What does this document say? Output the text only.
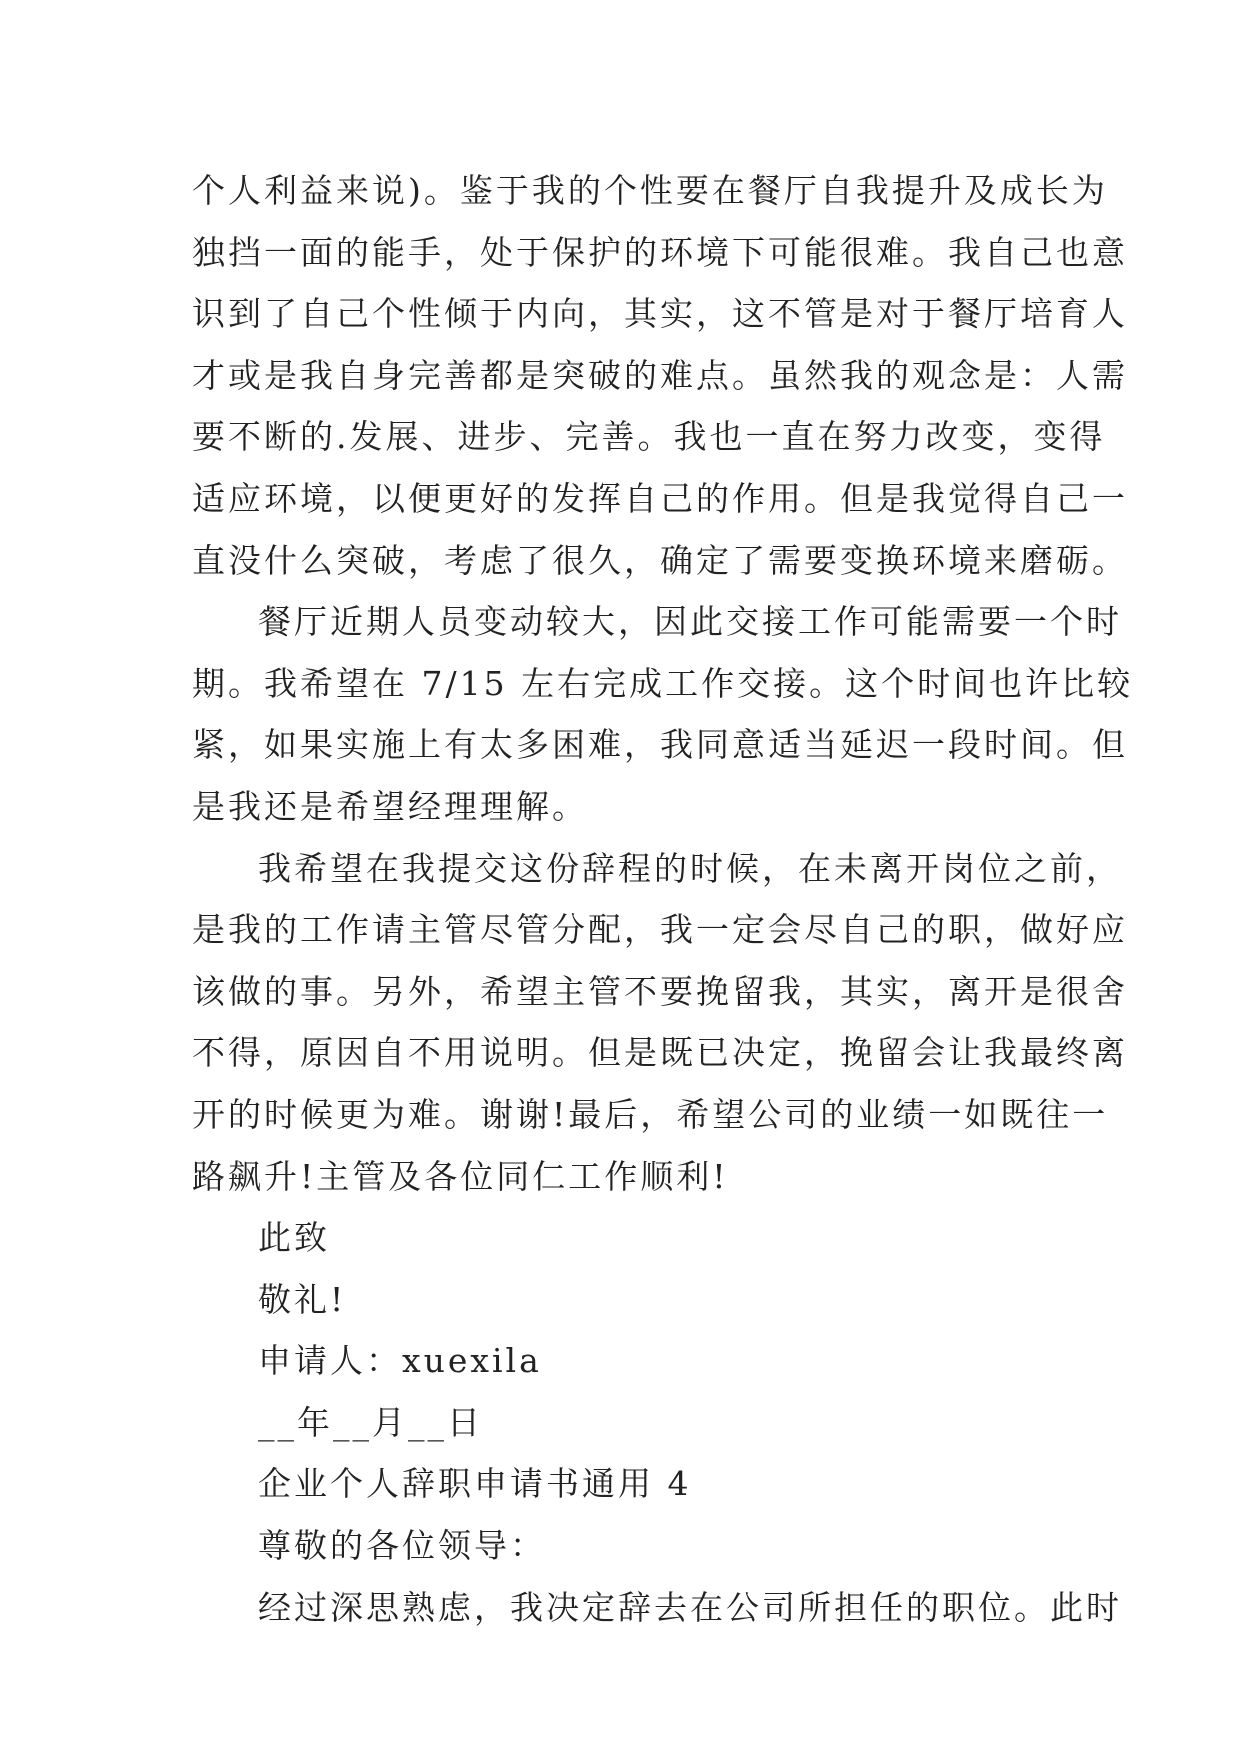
个人利益来说)。鉴于我的个性要在餐厅自我提升及成长为
独挡一面的能手，处于保护的环境下可能很难。我自己也意
识到了自己个性倾于内向，其实，这不管是对于餐厅培育人
才或是我自身完善都是突破的难点。虽然我的观念是：人需
要不断的.发展、进步、完善。我也一直在努力改变，变得
适应环境，以便更好的发挥自己的作用。但是我觉得自己一
直没什么突破，考虑了很久，确定了需要变换环境来磨砺。
餐厅近期人员变动较大，因此交接工作可能需要一个时
期。我希望在 7/15 左右完成工作交接。这个时间也许比较
紧，如果实施上有太多困难，我同意适当延迟一段时间。但
是我还是希望经理理解。
我希望在我提交这份辞程的时候，在未离开岗位之前，
是我的工作请主管尽管分配，我一定会尽自己的职，做好应
该做的事。另外，希望主管不要挽留我，其实，离开是很舍
不得，原因自不用说明。但是既已决定，挽留会让我最终离
开的时候更为难。谢谢!最后，希望公司的业绩一如既往一
路飙升!主管及各位同仁工作顺利!
此致
敬礼!
申请人：xuexila
__年__月__日
企业个人辞职申请书通用 4
尊敬的各位领导：
经过深思熟虑，我决定辞去在公司所担任的职位。此时
